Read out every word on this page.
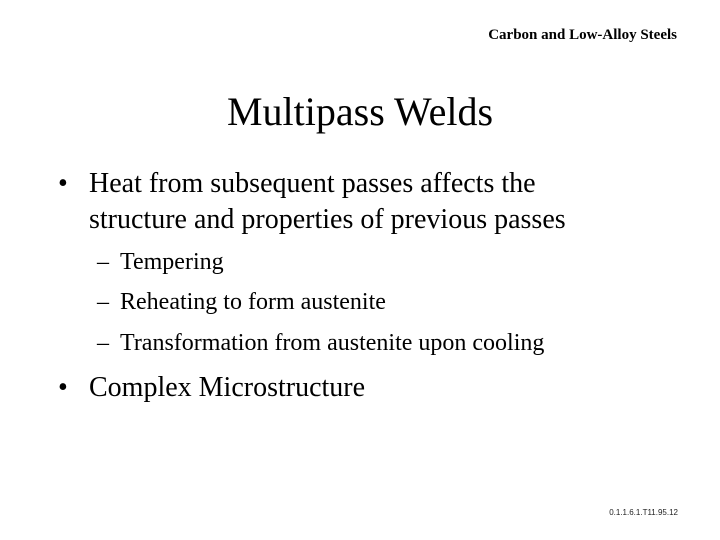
Carbon and Low-Alloy Steels
Multipass Welds
• Heat from subsequent passes affects the
structure and properties of previous passes
– Tempering
– Reheating to form austenite
– Transformation from austenite upon cooling
• Complex Microstructure
0.1.1.6.1.T11.95.12
